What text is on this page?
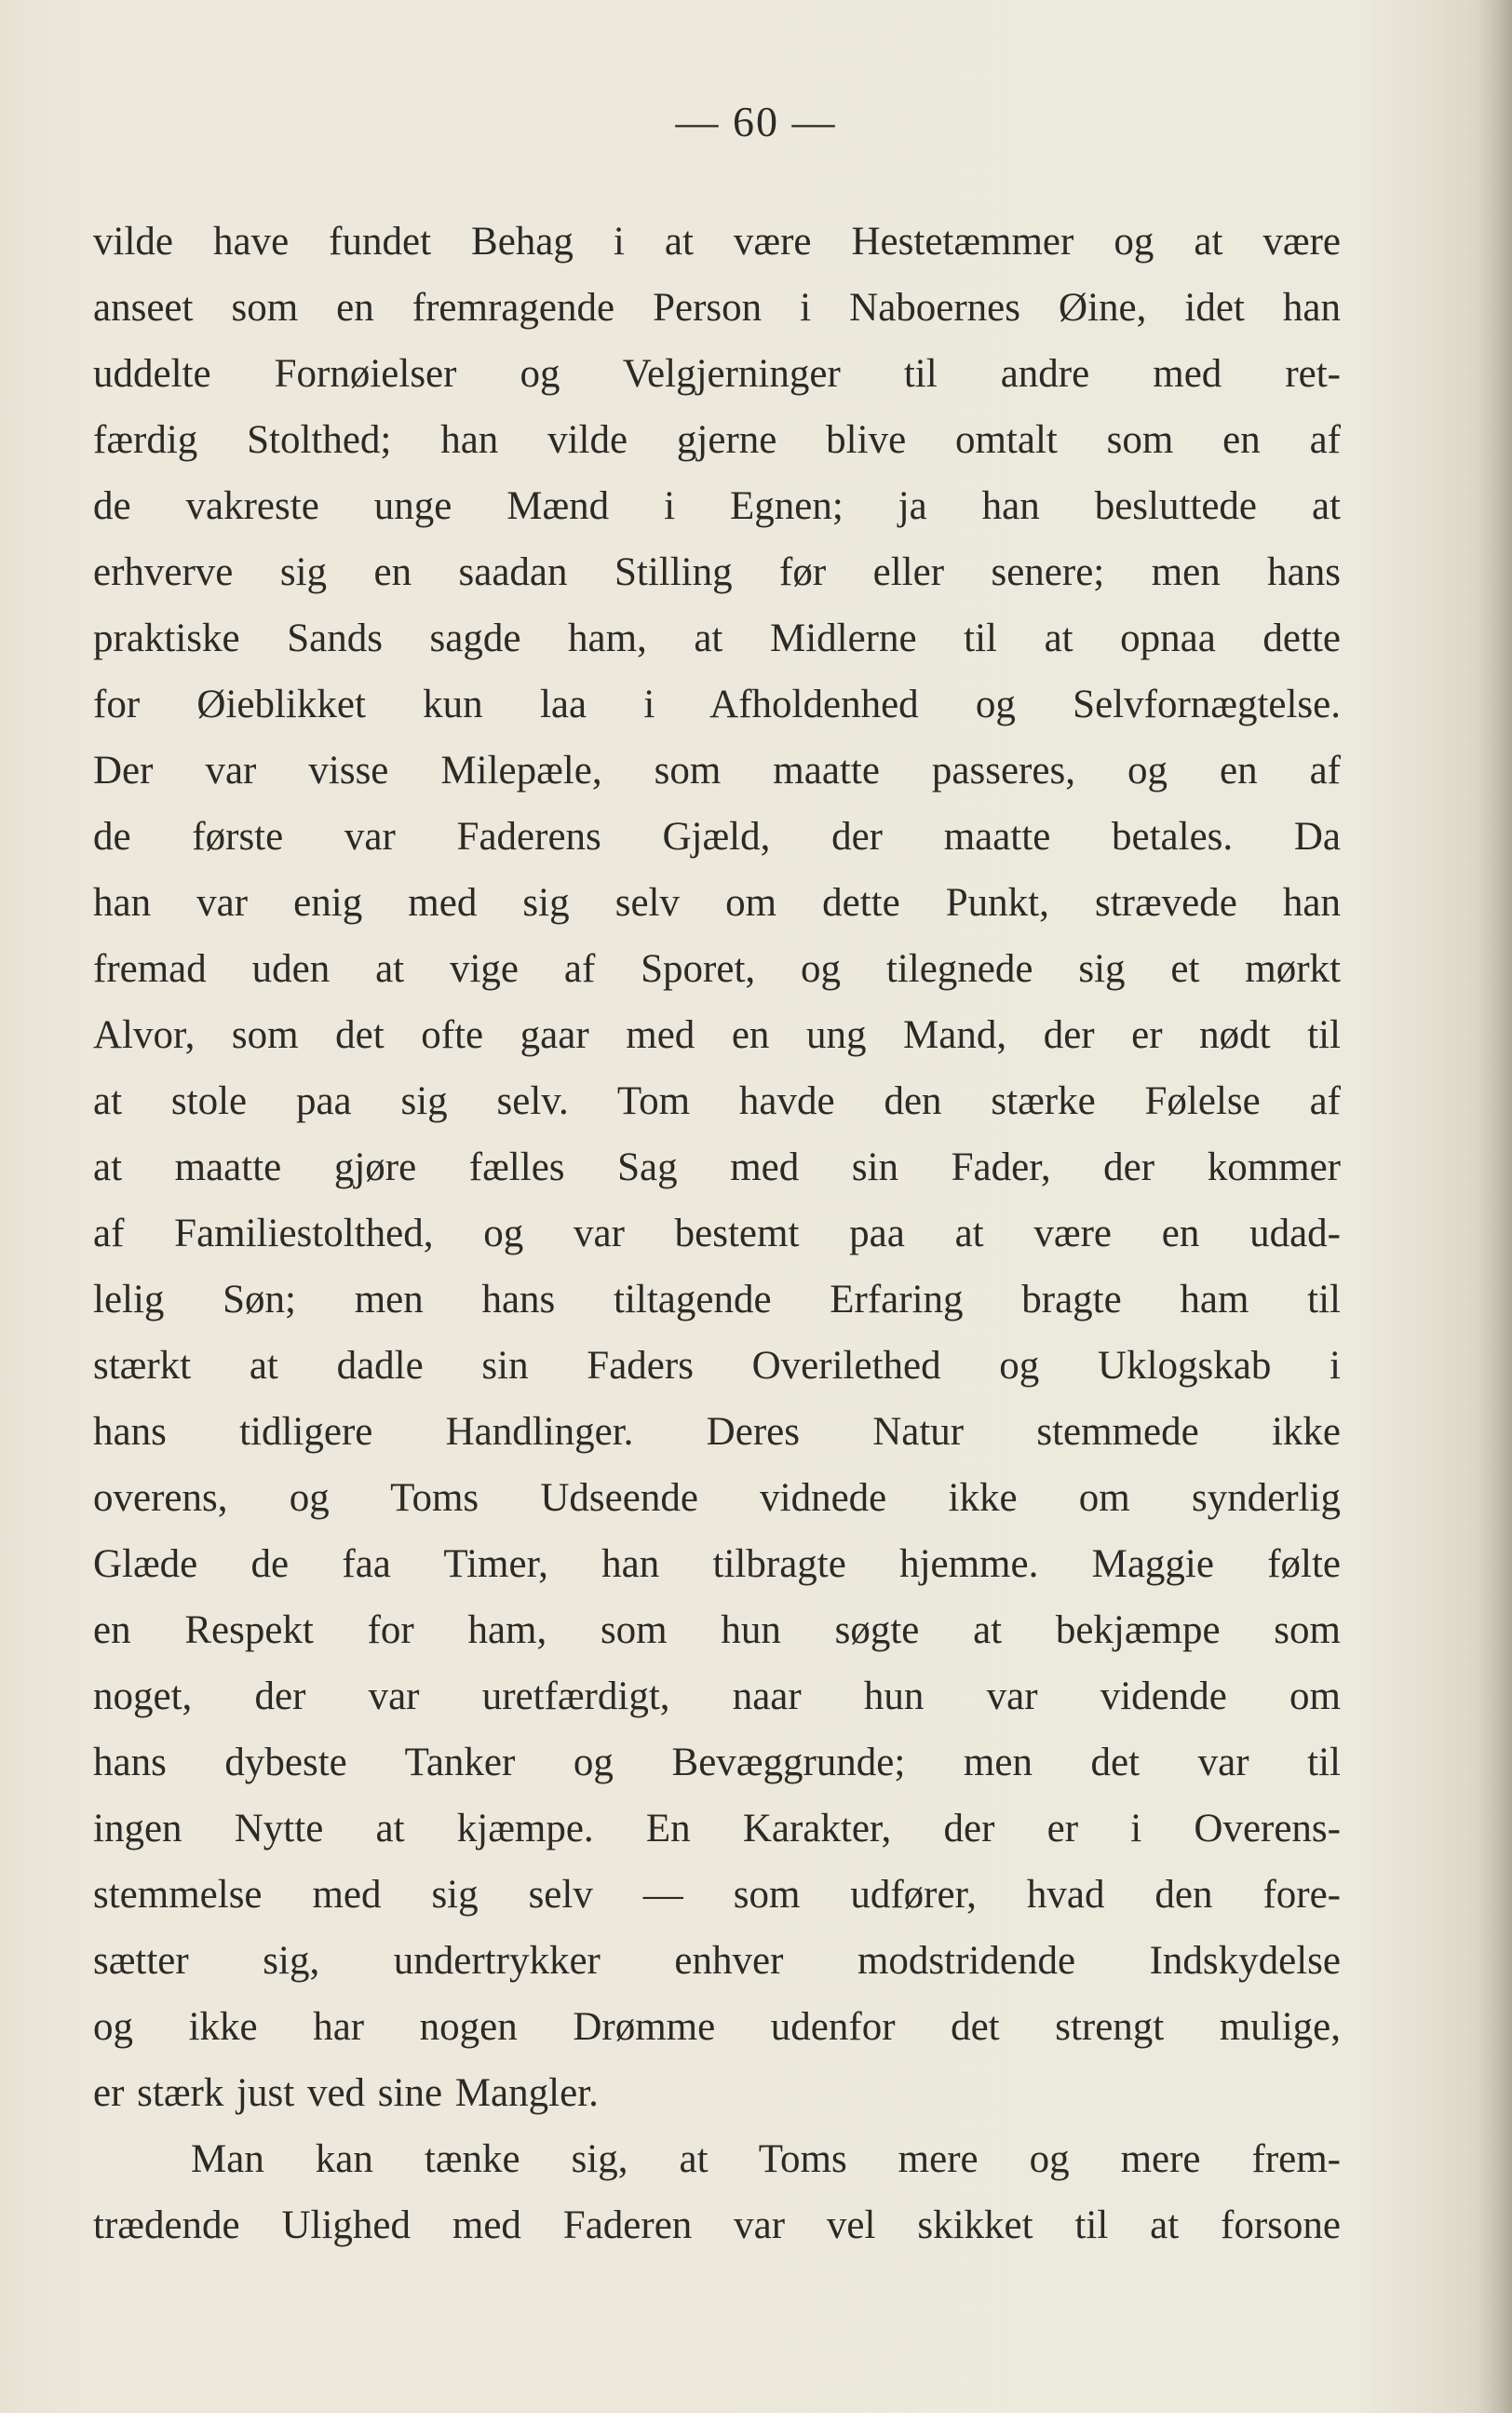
— 60 —
vilde have fundet Behag i at være Hestetæmmer og at være
anseet som en fremragende Person i Naboernes Øine, idet han
uddelte Fornøielser og Velgjerninger til andre med ret-
færdig Stolthed; han vilde gjerne blive omtalt som en af
de vakreste unge Mænd i Egnen; ja han besluttede at
erhverve sig en saadan Stilling før eller senere; men hans
praktiske Sands sagde ham, at Midlerne til at opnaa dette
for Øieblikket kun laa i Afholdenhed og Selvfornægtelse.
Der var visse Milepæle, som maatte passeres, og en af
de første var Faderens Gjæld, der maatte betales. Da
han var enig med sig selv om dette Punkt, strævede han
fremad uden at vige af Sporet, og tilegnede sig et mørkt
Alvor, som det ofte gaar med en ung Mand, der er nødt til
at stole paa sig selv. Tom havde den stærke Følelse af
at maatte gjøre fælles Sag med sin Fader, der kommer
af Familiestolthed, og var bestemt paa at være en udad-
lelig Søn; men hans tiltagende Erfaring bragte ham til
stærkt at dadle sin Faders Overilethed og Uklogskab i
hans tidligere Handlinger. Deres Natur stemmede ikke
overens, og Toms Udseende vidnede ikke om synderlig
Glæde de faa Timer, han tilbragte hjemme. Maggie følte
en Respekt for ham, som hun søgte at bekjæmpe som
noget, der var uretfærdigt, naar hun var vidende om
hans dybeste Tanker og Bevæggrunde; men det var til
ingen Nytte at kjæmpe. En Karakter, der er i Overens-
stemmelse med sig selv — som udfører, hvad den fore-
sætter sig, undertrykker enhver modstridende Indskydelse
og ikke har nogen Drømme udenfor det strengt mulige,
er stærk just ved sine Mangler.
Man kan tænke sig, at Toms mere og mere frem-
trædende Ulighed med Faderen var vel skikket til at forsone
